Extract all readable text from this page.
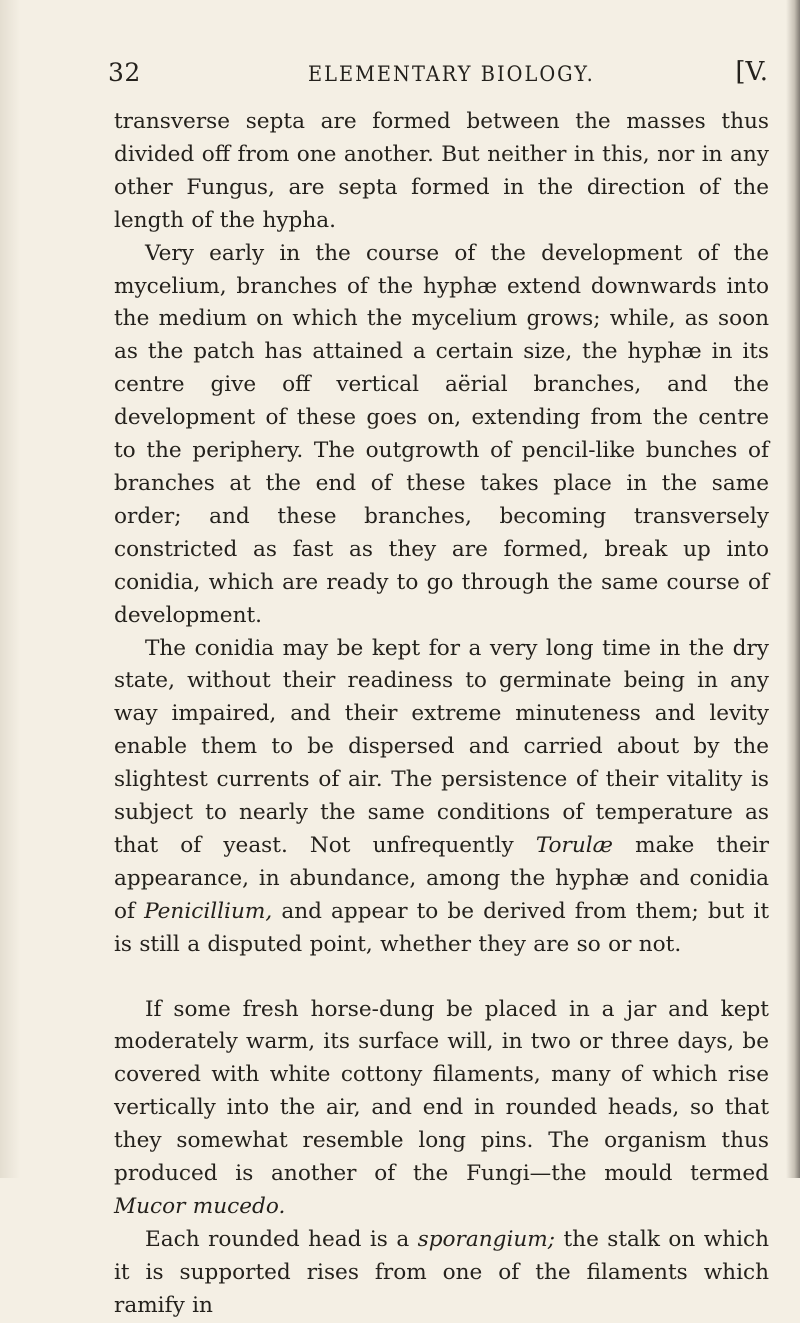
32	ELEMENTARY BIOLOGY.	[V.

transverse septa are formed between the masses thus divided off from one another. But neither in this, nor in any other Fungus, are septa formed in the direction of the length of the hypha.

Very early in the course of the development of the mycelium, branches of the hyphæ extend downwards into the medium on which the mycelium grows; while, as soon as the patch has attained a certain size, the hyphæ in its centre give off vertical aërial branches, and the development of these goes on, extending from the centre to the periphery. The outgrowth of pencil-like bunches of branches at the end of these takes place in the same order; and these branches, becoming transversely constricted as fast as they are formed, break up into conidia, which are ready to go through the same course of development.

The conidia may be kept for a very long time in the dry state, without their readiness to germinate being in any way impaired, and their extreme minuteness and levity enable them to be dispersed and carried about by the slightest currents of air. The persistence of their vitality is subject to nearly the same conditions of temperature as that of yeast. Not unfrequently Torulæ make their appearance, in abundance, among the hyphæ and conidia of Penicillium, and appear to be derived from them; but it is still a disputed point, whether they are so or not.

If some fresh horse-dung be placed in a jar and kept moderately warm, its surface will, in two or three days, be covered with white cottony filaments, many of which rise vertically into the air, and end in rounded heads, so that they somewhat resemble long pins. The organism thus produced is another of the Fungi—the mould termed Mucor mucedo.

Each rounded head is a sporangium; the stalk on which it is supported rises from one of the filaments which ramify in
